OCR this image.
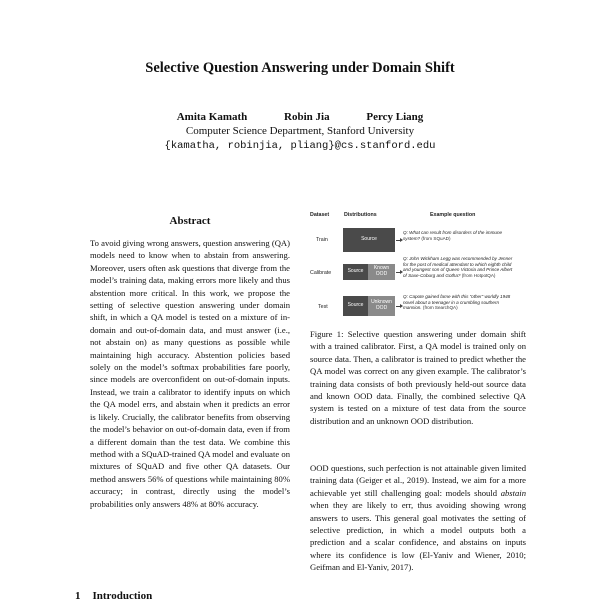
Selective Question Answering under Domain Shift
Amita Kamath	Robin Jia	Percy Liang
Computer Science Department, Stanford University
{kamatha, robinjia, pliang}@cs.stanford.edu
Abstract
To avoid giving wrong answers, question answering (QA) models need to know when to abstain from answering. Moreover, users often ask questions that diverge from the model’s training data, making errors more likely and thus abstention more critical. In this work, we propose the setting of selective question answering under domain shift, in which a QA model is tested on a mixture of in-domain and out-of-domain data, and must answer (i.e., not abstain on) as many questions as possible while maintaining high accuracy. Abstention policies based solely on the model’s softmax probabilities fare poorly, since models are overconfident on out-of-domain inputs. Instead, we train a calibrator to identify inputs on which the QA model errs, and abstain when it predicts an error is likely. Crucially, the calibrator benefits from observing the model’s behavior on out-of-domain data, even if from a different domain than the test data. We combine this method with a SQuAD-trained QA model and evaluate on mixtures of SQuAD and five other QA datasets. Our method answers 56% of questions while maintaining 80% accuracy; in contrast, directly using the model’s probabilities only answers 48% at 80% accuracy.
1 Introduction
Dataset	Distributions	Example question
Train	Source
Q: What can result from disorders of the immune system? (from SQuAD)
Calibrate	Source	Known OOD
Q: John Wickham Legg was recommended by Jenner for the post of medical attendant to which eighth child and youngest son of Queen Victoria and Prince Albert of Saxe-Coburg and Gotha? (from HotpotQA)
Test	Source	Unknown OOD
Q: Capote gained fame with this “other” worldly 1948 novel about a teenager in a crumbling southern mansion. (from SearchQA)
Figure 1: Selective question answering under domain shift with a trained calibrator. First, a QA model is trained only on source data. Then, a calibrator is trained to predict whether the QA model was correct on any given example. The calibrator’s training data consists of both previously held-out source data and known OOD data. Finally, the combined selective QA system is tested on a mixture of test data from the source distribution and an unknown OOD distribution.
OOD questions, such perfection is not attainable given limited training data (Geiger et al., 2019). Instead, we aim for a more achievable yet still challenging goal: models should abstain when they are likely to err, thus avoiding showing wrong answers to users. This general goal motivates the setting of selective prediction, in which a model outputs both a prediction and a scalar confidence, and abstains on inputs where its confidence is low (El-Yaniv and Wiener, 2010; Geifman and El-Yaniv, 2017).
